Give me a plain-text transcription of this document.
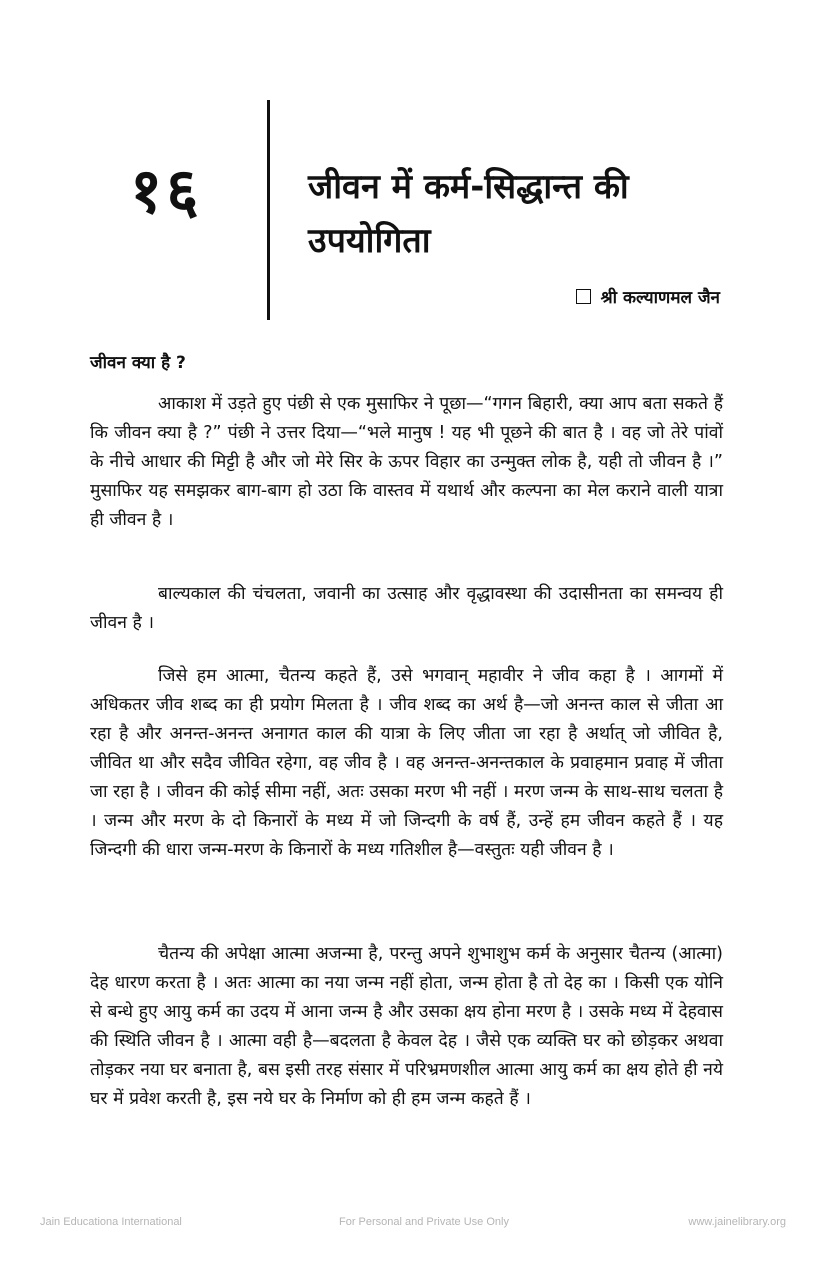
१६	जीवन में कर्म-सिद्धान्त की उपयोगिता
श्री कल्याणमल जैन
जीवन क्या है ?

आकाश में उड़ते हुए पंछी से एक मुसाफिर ने पूछा—“गगन बिहारी, क्या आप बता सकते हैं कि जीवन क्या है ?” पंछी ने उत्तर दिया—“भले मानुष ! यह भी पूछने की बात है । वह जो तेरे पांवों के नीचे आधार की मिट्टी है और जो मेरे सिर के ऊपर विहार का उन्मुक्त लोक है, यही तो जीवन है ।” मुसाफिर यह समझकर बाग-बाग हो उठा कि वास्तव में यथार्थ और कल्पना का मेल कराने वाली यात्रा ही जीवन है ।

बाल्यकाल की चंचलता, जवानी का उत्साह और वृद्धावस्था की उदासीनता का समन्वय ही जीवन है ।

जिसे हम आत्मा, चैतन्य कहते हैं, उसे भगवान् महावीर ने जीव कहा है । आगमों में अधिकतर जीव शब्द का ही प्रयोग मिलता है । जीव शब्द का अर्थ है—जो अनन्त काल से जीता आ रहा है और अनन्त-अनन्त अनागत काल की यात्रा के लिए जीता जा रहा है अर्थात् जो जीवित है, जीवित था और सदैव जीवित रहेगा, वह जीव है । वह अनन्त-अनन्तकाल के प्रवाहमान प्रवाह में जीता जा रहा है । जीवन की कोई सीमा नहीं, अतः उसका मरण भी नहीं । मरण जन्म के साथ-साथ चलता है । जन्म और मरण के दो किनारों के मध्य में जो जिन्दगी के वर्ष हैं, उन्हें हम जीवन कहते हैं । यह जिन्दगी की धारा जन्म-मरण के किनारों के मध्य गतिशील है—वस्तुतः यही जीवन है ।

चैतन्य की अपेक्षा आत्मा अजन्मा है, परन्तु अपने शुभाशुभ कर्म के अनुसार चैतन्य (आत्मा) देह धारण करता है । अतः आत्मा का नया जन्म नहीं होता, जन्म होता है तो देह का । किसी एक योनि से बन्धे हुए आयु कर्म का उदय में आना जन्म है और उसका क्षय होना मरण है । उसके मध्य में देहवास की स्थिति जीवन है । आत्मा वही है—बदलता है केवल देह । जैसे एक व्यक्ति घर को छोड़कर अथवा तोड़कर नया घर बनाता है, बस इसी तरह संसार में परिभ्रमणशील आत्मा आयु कर्म का क्षय होते ही नये घर में प्रवेश करती है, इस नये घर के निर्माण को ही हम जन्म कहते हैं ।

Jain Educationa International	For Personal and Private Use Only	www.jainelibrary.org
